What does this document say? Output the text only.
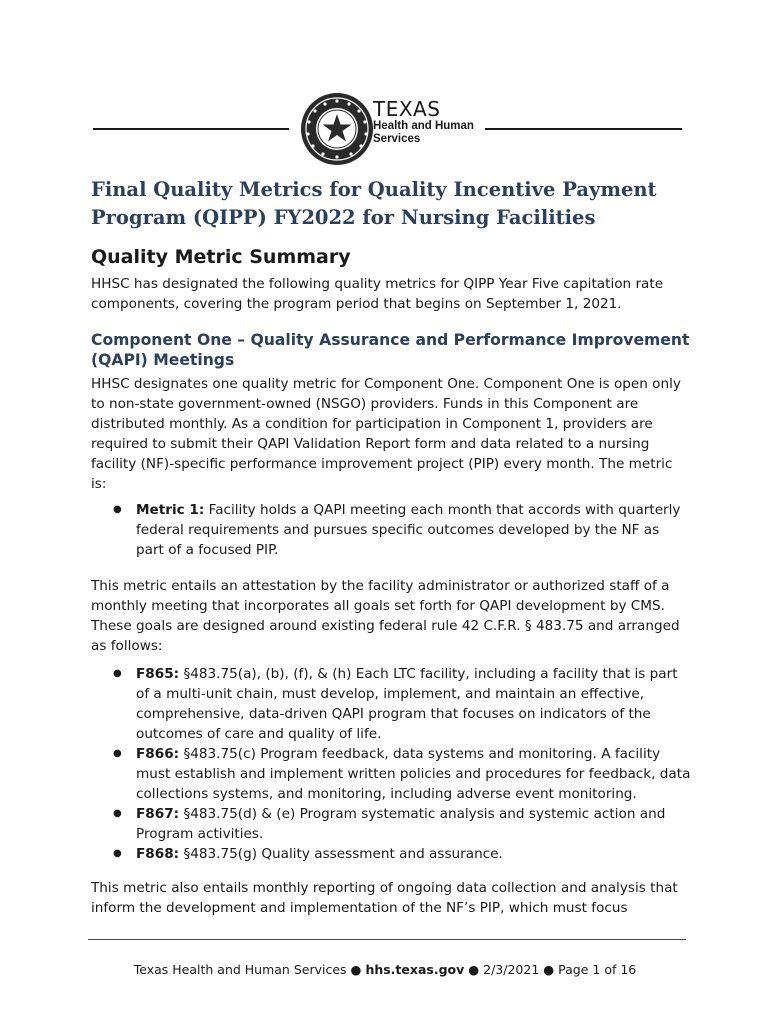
TEXAS
Health and Human
Services
Final Quality Metrics for Quality Incentive Payment Program (QIPP) FY2022 for Nursing Facilities
Quality Metric Summary

HHSC has designated the following quality metrics for QIPP Year Five capitation rate components, covering the program period that begins on September 1, 2021.

Component One – Quality Assurance and Performance Improvement (QAPI) Meetings

HHSC designates one quality metric for Component One. Component One is open only to non-state government-owned (NSGO) providers. Funds in this Component are distributed monthly. As a condition for participation in Component 1, providers are required to submit their QAPI Validation Report form and data related to a nursing facility (NF)-specific performance improvement project (PIP) every month. The metric is:

● Metric 1: Facility holds a QAPI meeting each month that accords with quarterly federal requirements and pursues specific outcomes developed by the NF as part of a focused PIP.

This metric entails an attestation by the facility administrator or authorized staff of a monthly meeting that incorporates all goals set forth for QAPI development by CMS. These goals are designed around existing federal rule 42 C.F.R. § 483.75 and arranged as follows:

● F865: §483.75(a), (b), (f), & (h) Each LTC facility, including a facility that is part of a multi-unit chain, must develop, implement, and maintain an effective, comprehensive, data-driven QAPI program that focuses on indicators of the outcomes of care and quality of life.
● F866: §483.75(c) Program feedback, data systems and monitoring. A facility must establish and implement written policies and procedures for feedback, data collections systems, and monitoring, including adverse event monitoring.
● F867: §483.75(d) & (e) Program systematic analysis and systemic action and Program activities.
● F868: §483.75(g) Quality assessment and assurance.

This metric also entails monthly reporting of ongoing data collection and analysis that inform the development and implementation of the NF’s PIP, which must focus

Texas Health and Human Services ● hhs.texas.gov ● 2/3/2021 ● Page 1 of 16
